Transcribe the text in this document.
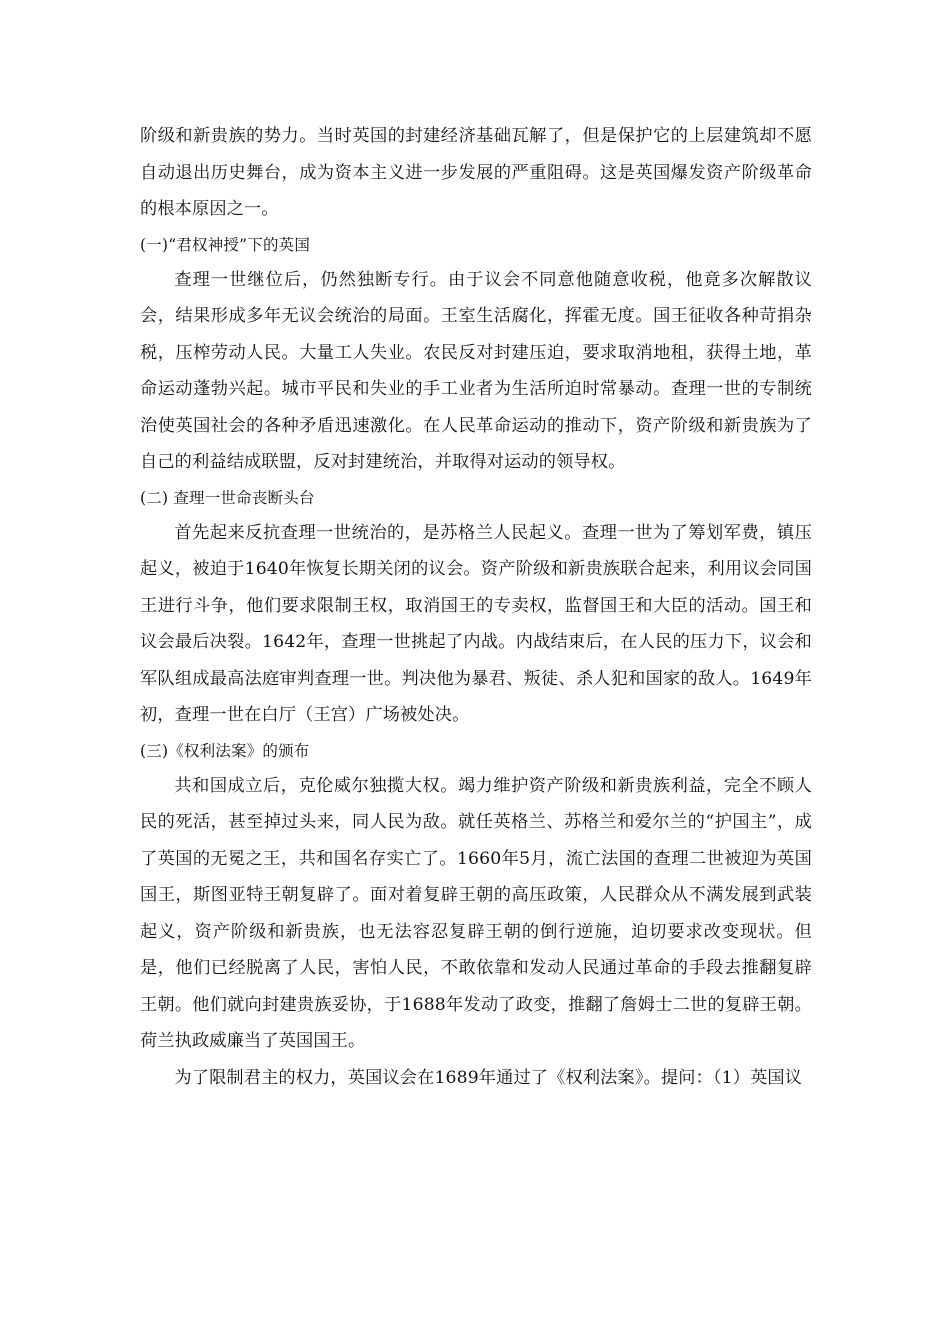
阶级和新贵族的势力。当时英国的封建经济基础瓦解了，但是保护它的上层建筑却不愿自动退出历史舞台，成为资本主义进一步发展的严重阻碍。这是英国爆发资产阶级革命的根本原因之一。

(一)“君权神授”下的英国

查理一世继位后，仍然独断专行。由于议会不同意他随意收税，他竟多次解散议会，结果形成多年无议会统治的局面。王室生活腐化，挥霍无度。国王征收各种苛捐杂税，压榨劳动人民。大量工人失业。农民反对封建压迫，要求取消地租，获得土地，革命运动蓬勃兴起。城市平民和失业的手工业者为生活所迫时常暴动。查理一世的专制统治使英国社会的各种矛盾迅速激化。在人民革命运动的推动下，资产阶级和新贵族为了自己的利益结成联盟，反对封建统治，并取得对运动的领导权。

(二) 查理一世命丧断头台

首先起来反抗查理一世统治的，是苏格兰人民起义。查理一世为了筹划军费，镇压起义，被迫于1640年恢复长期关闭的议会。资产阶级和新贵族联合起来，利用议会同国王进行斗争，他们要求限制王权，取消国王的专卖权，监督国王和大臣的活动。国王和议会最后决裂。1642年，查理一世挑起了内战。内战结束后，在人民的压力下，议会和军队组成最高法庭审判查理一世。判决他为暴君、叛徒、杀人犯和国家的敌人。1649年初，查理一世在白厅（王宫）广场被处决。

(三)《权利法案》的颁布

共和国成立后，克伦威尔独揽大权。竭力维护资产阶级和新贵族利益，完全不顾人民的死活，甚至掉过头来，同人民为敌。就任英格兰、苏格兰和爱尔兰的“护国主”，成了英国的无冕之王，共和国名存实亡了。1660年5月，流亡法国的查理二世被迎为英国国王，斯图亚特王朝复辟了。面对着复辟王朝的高压政策，人民群众从不满发展到武装起义，资产阶级和新贵族，也无法容忍复辟王朝的倒行逆施，迫切要求改变现状。但是，他们已经脱离了人民，害怕人民，不敢依靠和发动人民通过革命的手段去推翻复辟王朝。他们就向封建贵族妥协，于1688年发动了政变，推翻了詹姆士二世的复辟王朝。荷兰执政威廉当了英国国王。

为了限制君主的权力，英国议会在1689年通过了《权利法案》。提问：（1）英国议
